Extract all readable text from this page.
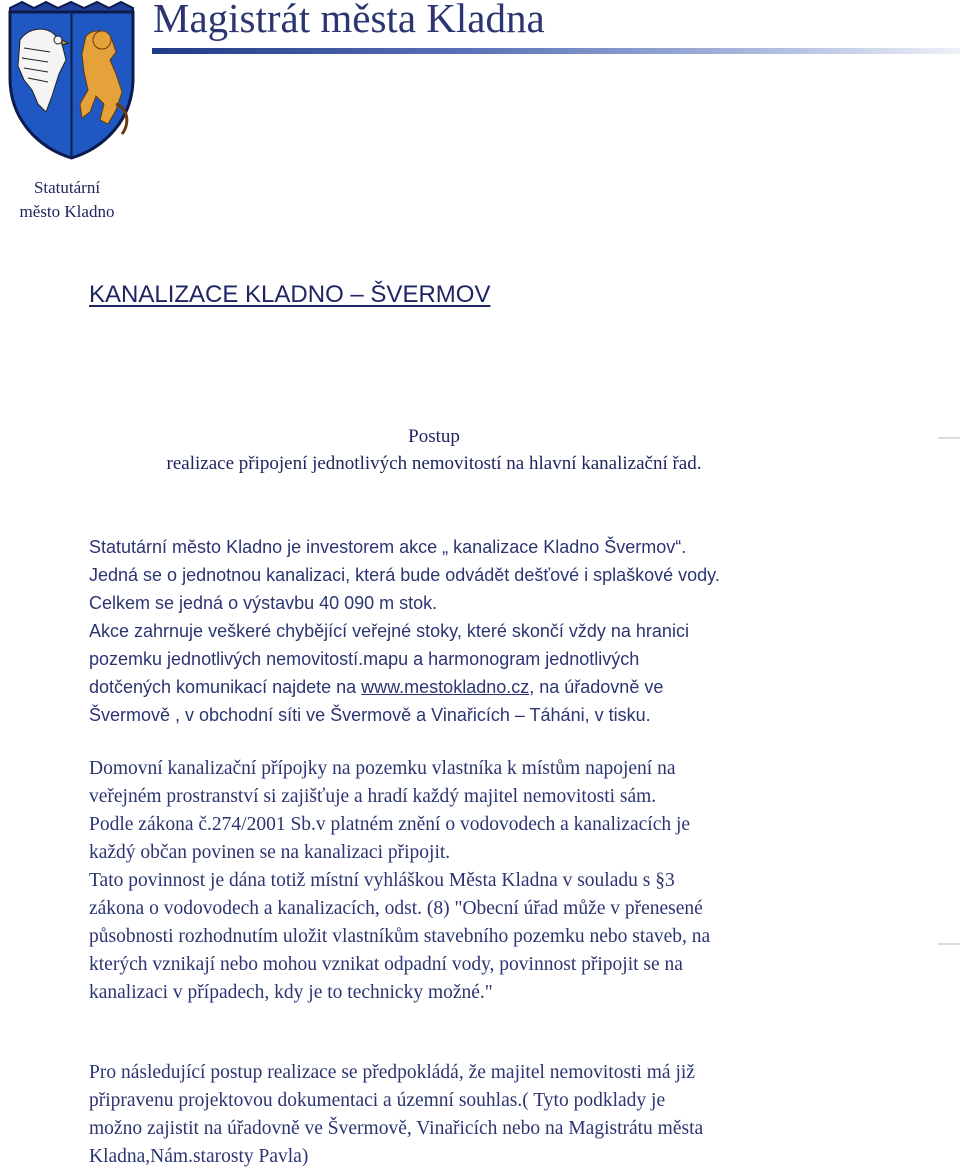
Magistrát města Kladna
Statutární
město Kladno
KANALIZACE KLADNO – ŠVERMOV
Postup
realizace připojení jednotlivých nemovitostí na hlavní kanalizační řad.
Statutární město Kladno je investorem akce „ kanalizace Kladno Švermov“.
Jedná se o jednotnou kanalizaci, která bude odvádět dešťové i splaškové vody.
Celkem se jedná o výstavbu 40 090 m stok.
Akce zahrnuje veškeré chybějící veřejné stoky, které skončí vždy na hranici
pozemku jednotlivých nemovitostí.mapu a harmonogram jednotlivých
dotčených komunikací najdete na www.mestokladno.cz, na úřadovně ve
Švermově , v obchodní síti ve Švermově a Vinařicích – Táháni, v tisku.
Domovní kanalizační přípojky na pozemku vlastníka k místům napojení na
veřejném prostranství si zajišťuje a hradí každý majitel nemovitosti sám.
Podle zákona č.274/2001 Sb.v platném znění o vodovodech a kanalizacích je
každý občan povinen se na kanalizaci připojit.
Tato povinnost je dána totiž místní vyhláškou Města Kladna v souladu s §3
zákona o vodovodech a kanalizacích, odst. (8) "Obecní úřad může v přenesené
působnosti rozhodnutím uložit vlastníkům stavebního pozemku nebo staveb, na
kterých vznikají nebo mohou vznikat odpadní vody, povinnost připojit se na
kanalizaci v případech, kdy je to technicky možné."
Pro následující postup realizace se předpokládá, že majitel nemovitosti má již
připravenu projektovou dokumentaci a územní souhlas.( Tyto podklady je
možno zajistit na úřadovně ve Švermově, Vinařicích nebo na Magistrátu města
Kladna,Nám.starosty Pavla)
